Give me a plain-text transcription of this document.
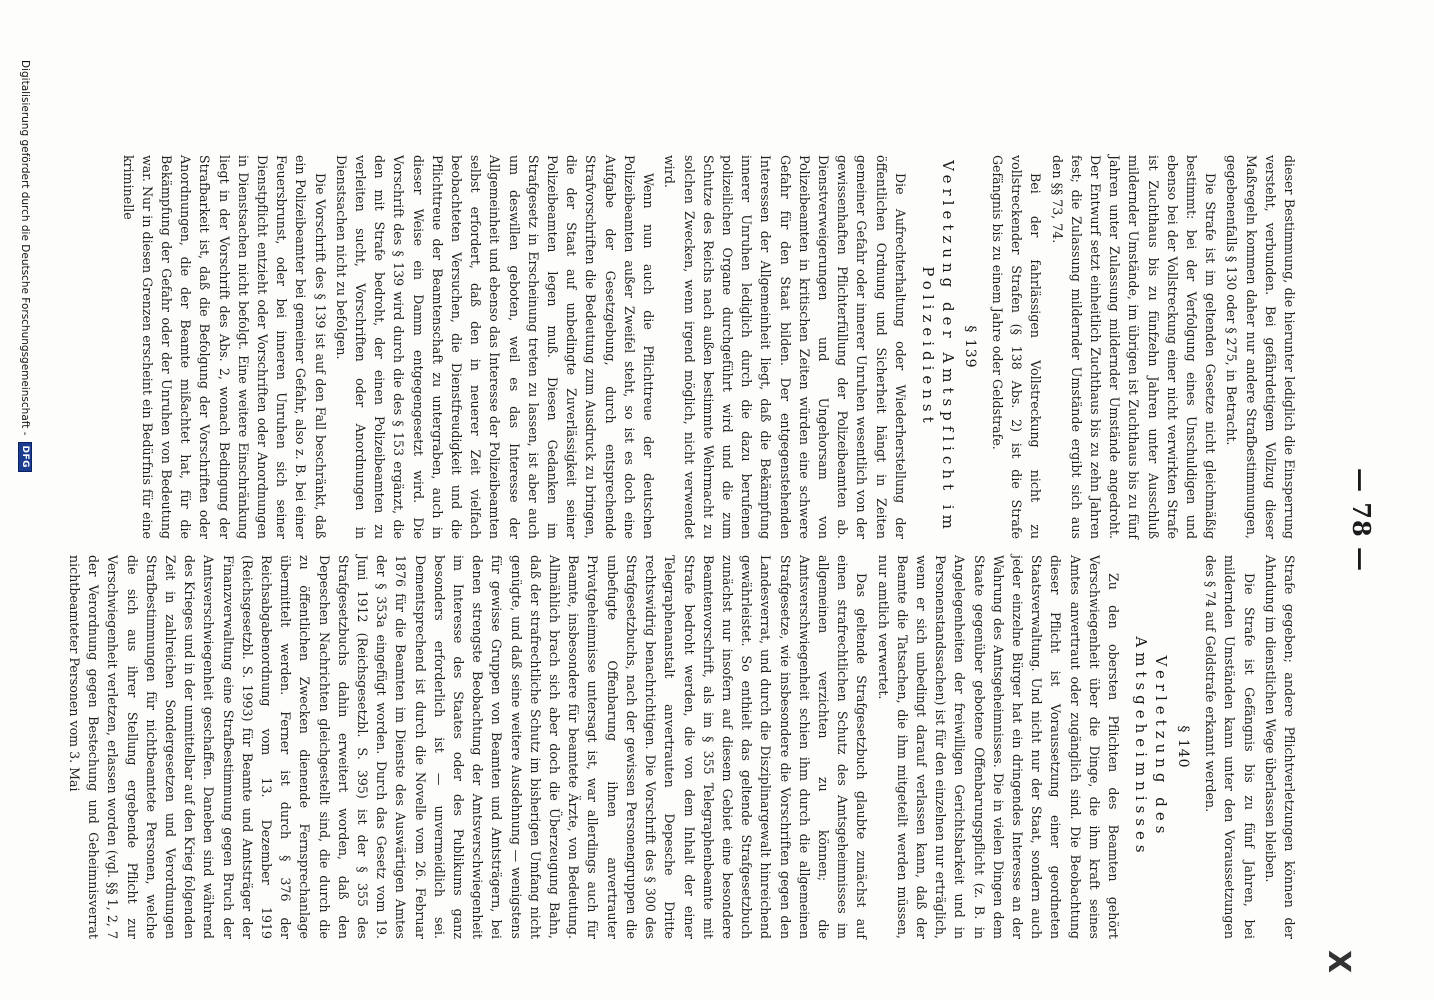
— 78 —
X

dieser Bestimmung, die hierunter lediglich die Einsperrung versteht, verbunden. Bei gefährdetigem Vollzug dieser Maßregeln kommen daher nur andere Strafbestimmungen, gegebenenfalls § 130 oder § 275, in Betracht.

Die Strafe ist im geltenden Gesetze nicht gleichmäßig bestimmt: bei der Verfolgung eines Unschuldigen und ebenso bei der Vollstreckung einer nicht verwirkten Strafe ist Zuchthaus bis zu fünfzehn Jahren unter Ausschluß mildernder Umstände, im übrigen ist Zuchthaus bis zu fünf Jahren unter Zulassung mildernder Umstände angedroht. Der Entwurf setzt einheitlich Zuchthaus bis zu zehn Jahren fest; die Zulassung mildernder Umstände ergibt sich aus den §§ 73, 74.

Bei der fahrlässigen Vollstreckung nicht zu vollstreckender Strafen (§ 138 Abs. 2) ist die Strafe Gefängnis bis zu einem Jahre oder Geldstrafe.

§ 139
Verletzung der Amtspflicht im Polizeidienst

Die Aufrechterhaltung oder Wiederherstellung der öffentlichen Ordnung und Sicherheit hängt in Zeiten gemeiner Gefahr oder innerer Unruhen wesentlich von der gewissenhaften Pflichterfüllung der Polizeibeamten ab. Dienstverweigerungen und Ungehorsam von Polizeibeamten in kritischen Zeiten würden eine schwere Gefahr für den Staat bilden. Der entgegenstehenden Interessen der Allgemeinheit liegt, daß die Bekämpfung innerer Unruhen lediglich durch die dazu berufenen polizeilichen Organe durchgeführt wird und die zum Schutze des Reichs nach außen bestimmte Wehrmacht zu solchen Zwecken, wenn irgend möglich, nicht verwendet wird.

Wenn nun auch die Pflichttreue der deutschen Polizeibeamten außer Zweifel steht, so ist es doch eine Aufgabe der Gesetzgebung, durch entsprechende Strafvorschriften die Bedeutung zum Ausdruck zu bringen, die der Staat auf unbedingte Zuverlässigkeit seiner Polizeibeamten legen muß. Diesen Gedanken im Strafgesetz in Erscheinung treten zu lassen, ist aber auch um deswillen geboten, weil es das Interesse der Allgemeinheit und ebenso das Interesse der Polizeibeamten selbst erfordert, daß den in neuerer Zeit vielfach beobachteten Versuchen, die Dienstfreudigkeit und die Pflichttreue der Beamtenschaft zu untergraben, auch in dieser Weise ein Damm entgegengesetzt wird. Die Vorschrift des § 139 wird durch die des § 153 ergänzt, die den mit Strafe bedroht, der einen Polizeibeamten zu verleiten sucht, Vorschriften oder Anordnungen in Dienstsachen nicht zu befolgen.

Die Vorschrift des § 139 ist auf den Fall beschränkt, daß ein Polizeibeamter bei gemeiner Gefahr, also z. B. bei einer Feuersbrunst, oder bei inneren Unruhen sich seiner Dienstpflicht entzieht oder Vorschriften oder Anordnungen in Dienstsachen nicht befolgt. Eine weitere Einschränkung liegt in der Vorschrift des Abs. 2, wonach Bedingung der Strafbarkeit ist, daß die Befolgung der Vorschriften oder Anordnungen, die der Beamte mißachtet hat, für die Bekämpfung der Gefahr oder der Unruhen von Bedeutung war. Nur in diesen Grenzen erscheint ein Bedürfnis für eine kriminelle

Strafe gegeben; andere Pflichtverletzungen können der Ahndung im dienstlichen Wege überlassen bleiben.

Die Strafe ist Gefängnis bis zu fünf Jahren, bei mildernden Umständen kann unter den Voraussetzungen des § 74 auf Geldstrafe erkannt werden.

§ 140
Verletzung des Amtsgeheimnisses

Zu den obersten Pflichten des Beamten gehört Verschwiegenheit über die Dinge, die ihm kraft seines Amtes anvertraut oder zugänglich sind. Die Beobachtung dieser Pflicht ist Voraussetzung einer geordneten Staatsverwaltung. Und nicht nur der Staat, sondern auch jeder einzelne Bürger hat ein dringendes Interesse an der Wahrung des Amtsgeheimnisses. Die in vielen Dingen dem Staate gegenüber gebotene Offenbarungspflicht (z. B. in Angelegenheiten der freiwilligen Gerichtsbarkeit und in Personenstandssachen) ist für den einzelnen nur erträglich, wenn er sich unbedingt darauf verlassen kann, daß der Beamte die Tatsachen, die ihm mitgeteilt werden müssen, nur amtlich verwertet.

Das geltende Strafgesetzbuch glaubte zunächst auf einen strafrechtlichen Schutz des Amtsgeheimnisses im allgemeinen verzichten zu können; die Amtsverschwiegenheit schien ihm durch die allgemeinen Strafgesetze, wie insbesondere die Vorschriften gegen den Landesverrat, und durch die Disziplinargewalt hinreichend gewährleistet. So enthielt das geltende Strafgesetzbuch zunächst nur insofern auf diesem Gebiet eine besondere Beamtenvorschrift, als im § 355 Telegraphenbeamte mit Strafe bedroht werden, die von dem Inhalt der einer Telegraphenanstalt anvertrauten Depesche Dritte rechtswidrig benachrichtigen. Die Vorschrift des § 300 des Strafgesetzbuchs, nach der gewissen Personengruppen die unbefugte Offenbarung ihnen anvertrauter Privatgeheimnisse untersagt ist, war allerdings auch für Beamte, insbesondere für beamtete Ärzte, von Bedeutung. Allmählich brach sich aber doch die Überzeugung Bahn, daß der strafrechtliche Schutz im bisherigen Umfang nicht genügte, und daß seine weitere Ausdehnung — wenigstens für gewisse Gruppen von Beamten und Amtsträgern, bei denen strengste Beobachtung der Amtsverschwiegenheit im Interesse des Staates oder des Publikums ganz besonders erforderlich ist — unvermeidlich sei. Dementsprechend ist durch die Novelle vom 26. Februar 1876 für die Beamten im Dienste des Auswärtigen Amtes der § 353a eingefügt worden. Durch das Gesetz vom 19. Juni 1912 (Reichsgesetzbl. S. 395) ist der § 355 des Strafgesetzbuchs dahin erweitert worden, daß den Depeschen Nachrichten gleichgestellt sind, die durch die zu öffentlichen Zwecken dienende Fernsprechanlage übermittelt werden. Ferner ist durch § 376 der Reichsabgabenordnung vom 13. Dezember 1919 (Reichsgesetzbl. S. 1993) für Beamte und Amtsträger der Finanzverwaltung eine Strafbestimmung gegen Bruch der Amtsverschwiegenheit geschaffen. Daneben sind während des Krieges und in der unmittelbar auf den Krieg folgenden Zeit in zahlreichen Sondergesetzen und Verordnungen Strafbestimmungen für nichtbeamtete Personen, welche die sich aus ihrer Stellung ergebende Pflicht zur Verschwiegenheit verletzen, erlassen worden (vgl. §§ 1, 2, 7 der Verordnung gegen Bestechung und Geheimnisverrat nichtbeamteter Personen vom 3. Mai

Digitalisierung gefördert durch die Deutsche Forschungsgemeinschaft -
DFG
